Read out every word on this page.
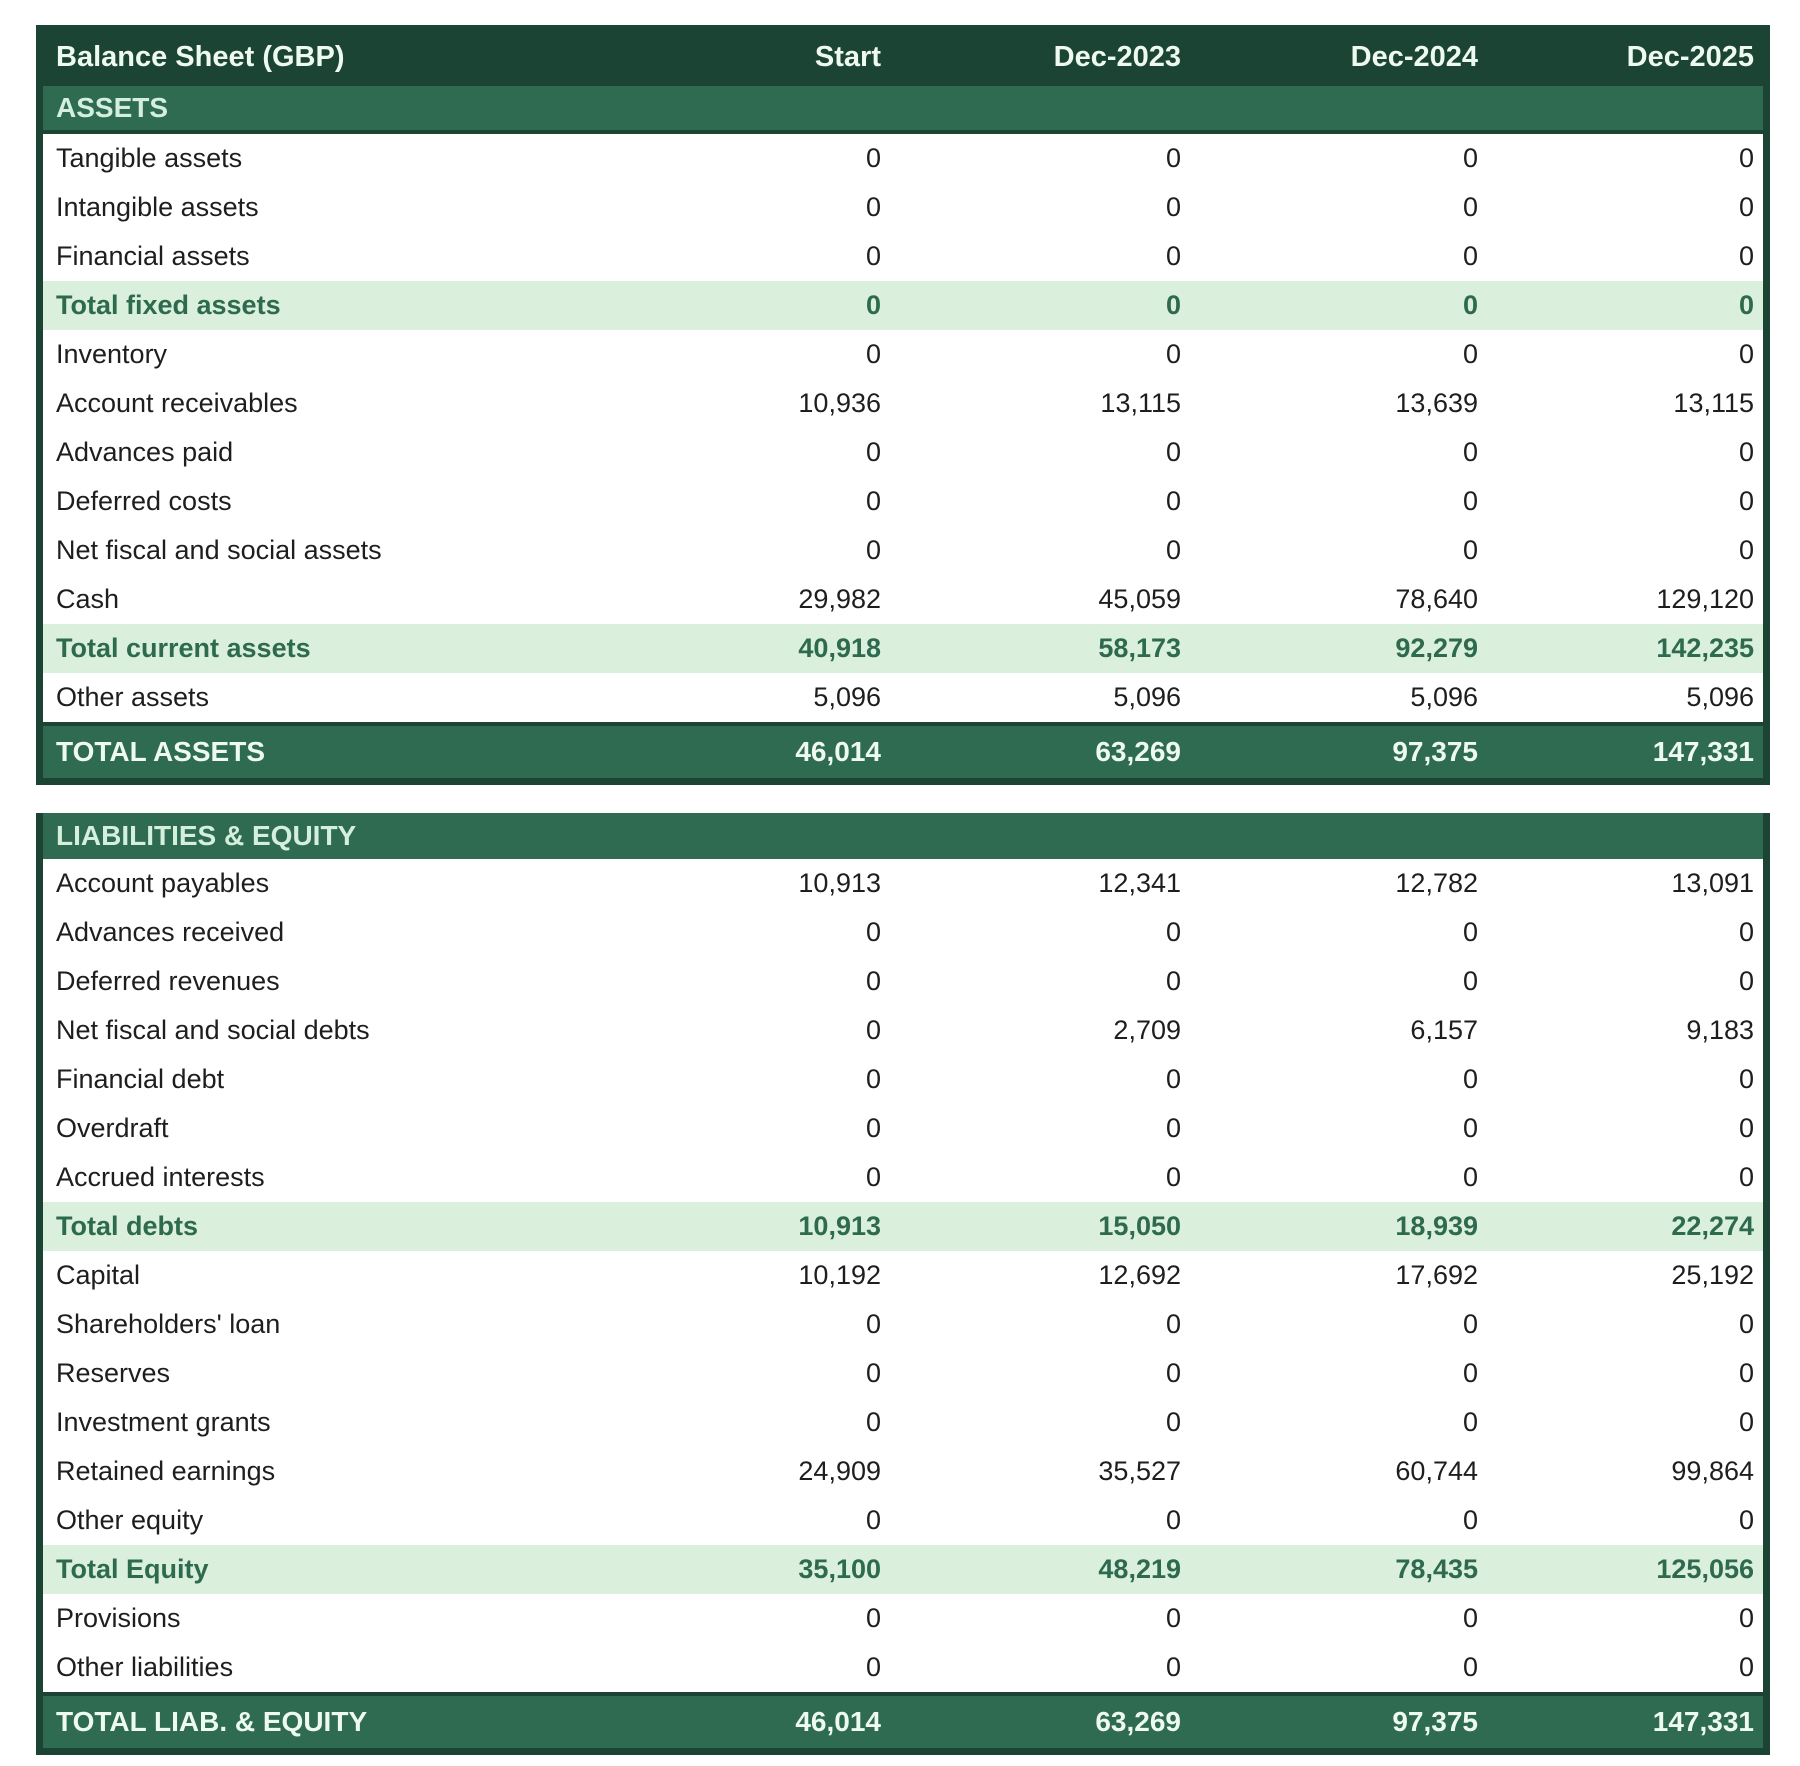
Balance Sheet (GBP)	Start	Dec-2023	Dec-2024	Dec-2025
ASSETS
Tangible assets	0	0	0	0
Intangible assets	0	0	0	0
Financial assets	0	0	0	0
Total fixed assets	0	0	0	0
Inventory	0	0	0	0
Account receivables	10,936	13,115	13,639	13,115
Advances paid	0	0	0	0
Deferred costs	0	0	0	0
Net fiscal and social assets	0	0	0	0
Cash	29,982	45,059	78,640	129,120
Total current assets	40,918	58,173	92,279	142,235
Other assets	5,096	5,096	5,096	5,096
TOTAL ASSETS	46,014	63,269	97,375	147,331
LIABILITIES & EQUITY
Account payables	10,913	12,341	12,782	13,091
Advances received	0	0	0	0
Deferred revenues	0	0	0	0
Net fiscal and social debts	0	2,709	6,157	9,183
Financial debt	0	0	0	0
Overdraft	0	0	0	0
Accrued interests	0	0	0	0
Total debts	10,913	15,050	18,939	22,274
Capital	10,192	12,692	17,692	25,192
Shareholders' loan	0	0	0	0
Reserves	0	0	0	0
Investment grants	0	0	0	0
Retained earnings	24,909	35,527	60,744	99,864
Other equity	0	0	0	0
Total Equity	35,100	48,219	78,435	125,056
Provisions	0	0	0	0
Other liabilities	0	0	0	0
TOTAL LIAB. & EQUITY	46,014	63,269	97,375	147,331
